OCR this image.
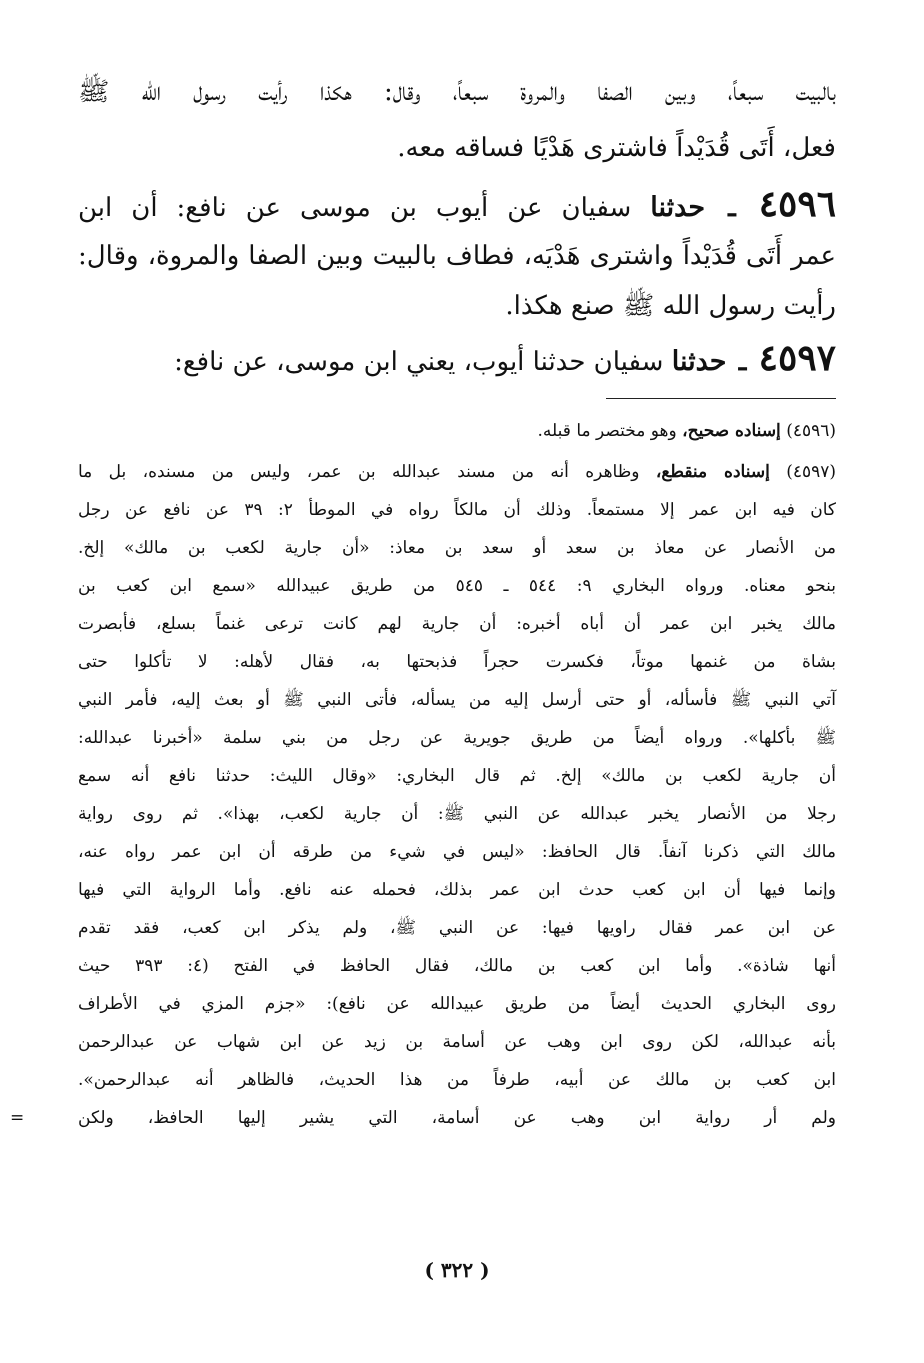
بالبيت سبعاً، وبين الصفا والمروة سبعاً، وقال: هكذا رأيت رسول الله ﷺ
فعل، أَتَى قُدَيْداً فاشترى هَدْيًا فساقه معه.
٤٥٩٦ ـ حدثنا سفيان عن أيوب بن موسى عن نافع: أن ابن
عمر أَتَى قُدَيْداً واشترى هَدْيَه، فطاف بالبيت وبين الصفا والمروة، وقال:
رأيت رسول الله ﷺ صنع هكذا.
٤٥٩٧ ـ حدثنا سفيان حدثنا أيوب، يعني ابن موسى، عن نافع:
(٤٥٩٦) إسناده صحيح، وهو مختصر ما قبله.
(٤٥٩٧) إسناده منقطع، وظاهره أنه من مسند عبدالله بن عمر، وليس من مسنده، بل ما
كان فيه ابن عمر إلا مستمعاً. وذلك أن مالكاً رواه في الموطأ ٢: ٣٩ عن نافع عن رجل
من الأنصار عن معاذ بن سعد أو سعد بن معاذ: «أن جارية لكعب بن مالك» إلخ.
بنحو معناه. ورواه البخاري ٩: ٥٤٤ ـ ٥٤٥ من طريق عبيدالله «سمع ابن كعب بن
مالك يخبر ابن عمر أن أباه أخبره: أن جارية لهم كانت ترعى غنماً بسلع، فأبصرت
بشاة من غنمها موتاً، فكسرت حجراً فذبحتها به، فقال لأهله: لا تأكلوا حتى
آتي النبي ﷺ فأسأله، أو حتى أرسل إليه من يسأله، فأتى النبي ﷺ أو بعث إليه، فأمر النبي
ﷺ بأكلها». ورواه أيضاً من طريق جويرية عن رجل من بني سلمة «أخبرنا عبدالله:
أن جارية لكعب بن مالك» إلخ. ثم قال البخاري: «وقال الليث: حدثنا نافع أنه سمع
رجلا من الأنصار يخبر عبدالله عن النبي ﷺ: أن جارية لكعب، بهذا». ثم روى رواية
مالك التي ذكرنا آنفاً. قال الحافظ: «ليس في شيء من طرقه أن ابن عمر رواه عنه،
وإنما فيها أن ابن كعب حدث ابن عمر بذلك، فحمله عنه نافع. وأما الرواية التي فيها
عن ابن عمر فقال راويها فيها: عن النبي ﷺ، ولم يذكر ابن كعب، فقد تقدم
أنها شاذة». وأما ابن كعب بن مالك، فقال الحافظ في الفتح (٤: ٣٩٣ حيث
روى البخاري الحديث أيضاً من طريق عبيدالله عن نافع): «جزم المزي في الأطراف
بأنه عبدالله، لكن روى ابن وهب عن أسامة بن زيد عن ابن شهاب عن عبدالرحمن
ابن كعب بن مالك عن أبيه، طرفاً من هذا الحديث، فالظاهر أنه عبدالرحمن».
ولم أر رواية ابن وهب عن أسامة، التي يشير إليها الحافظ، ولكن
=
( ٣٢٢ )
